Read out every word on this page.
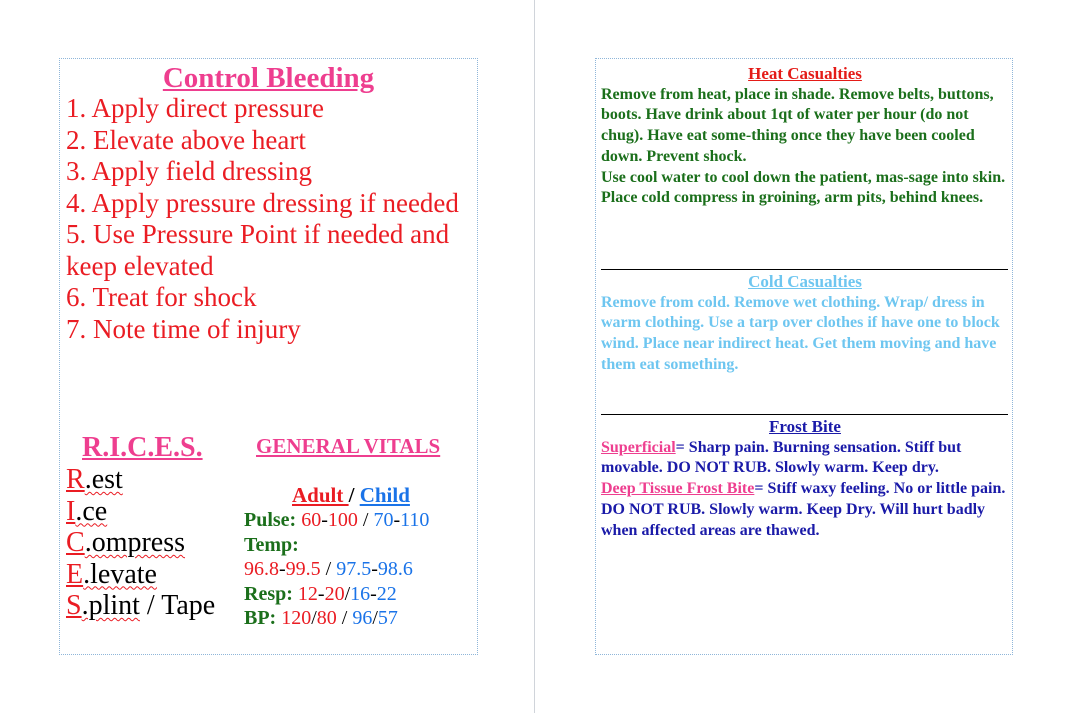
Control Bleeding
1. Apply direct pressure
2. Elevate above heart
3. Apply field dressing
4. Apply pressure dressing if needed
5. Use Pressure Point if needed and keep elevated
6. Treat for shock
7. Note time of injury
R.I.C.E.S.
R.est
I.ce
C.ompress
E.levate
S.plint / Tape
GENERAL VITALS
Adult / Child
Pulse: 60-100 / 70-110
Temp:
96.8-99.5 / 97.5-98.6
Resp: 12-20/16-22
BP: 120/80 / 96/57
Heat Casualties

Remove from heat, place in shade. Remove belts, buttons, boots. Have drink about 1qt of water per hour (do not chug). Have eat some-thing once they have been cooled down. Prevent shock.

Use cool water to cool down the patient, mas-sage into skin. Place cold compress in groining, arm pits, behind knees.

Cold Casualties
Remove from cold. Remove wet clothing. Wrap/ dress in warm clothing. Use a tarp over clothes if have one to block wind. Place near indirect heat. Get them moving and have them eat something.
Frost Bite

Superficial= Sharp pain. Burning sensation. Stiff but movable. DO NOT RUB. Slowly warm. Keep dry.

Deep Tissue Frost Bite= Stiff waxy feeling. No or little pain. DO NOT RUB. Slowly warm. Keep Dry. Will hurt badly when affected areas are thawed.
